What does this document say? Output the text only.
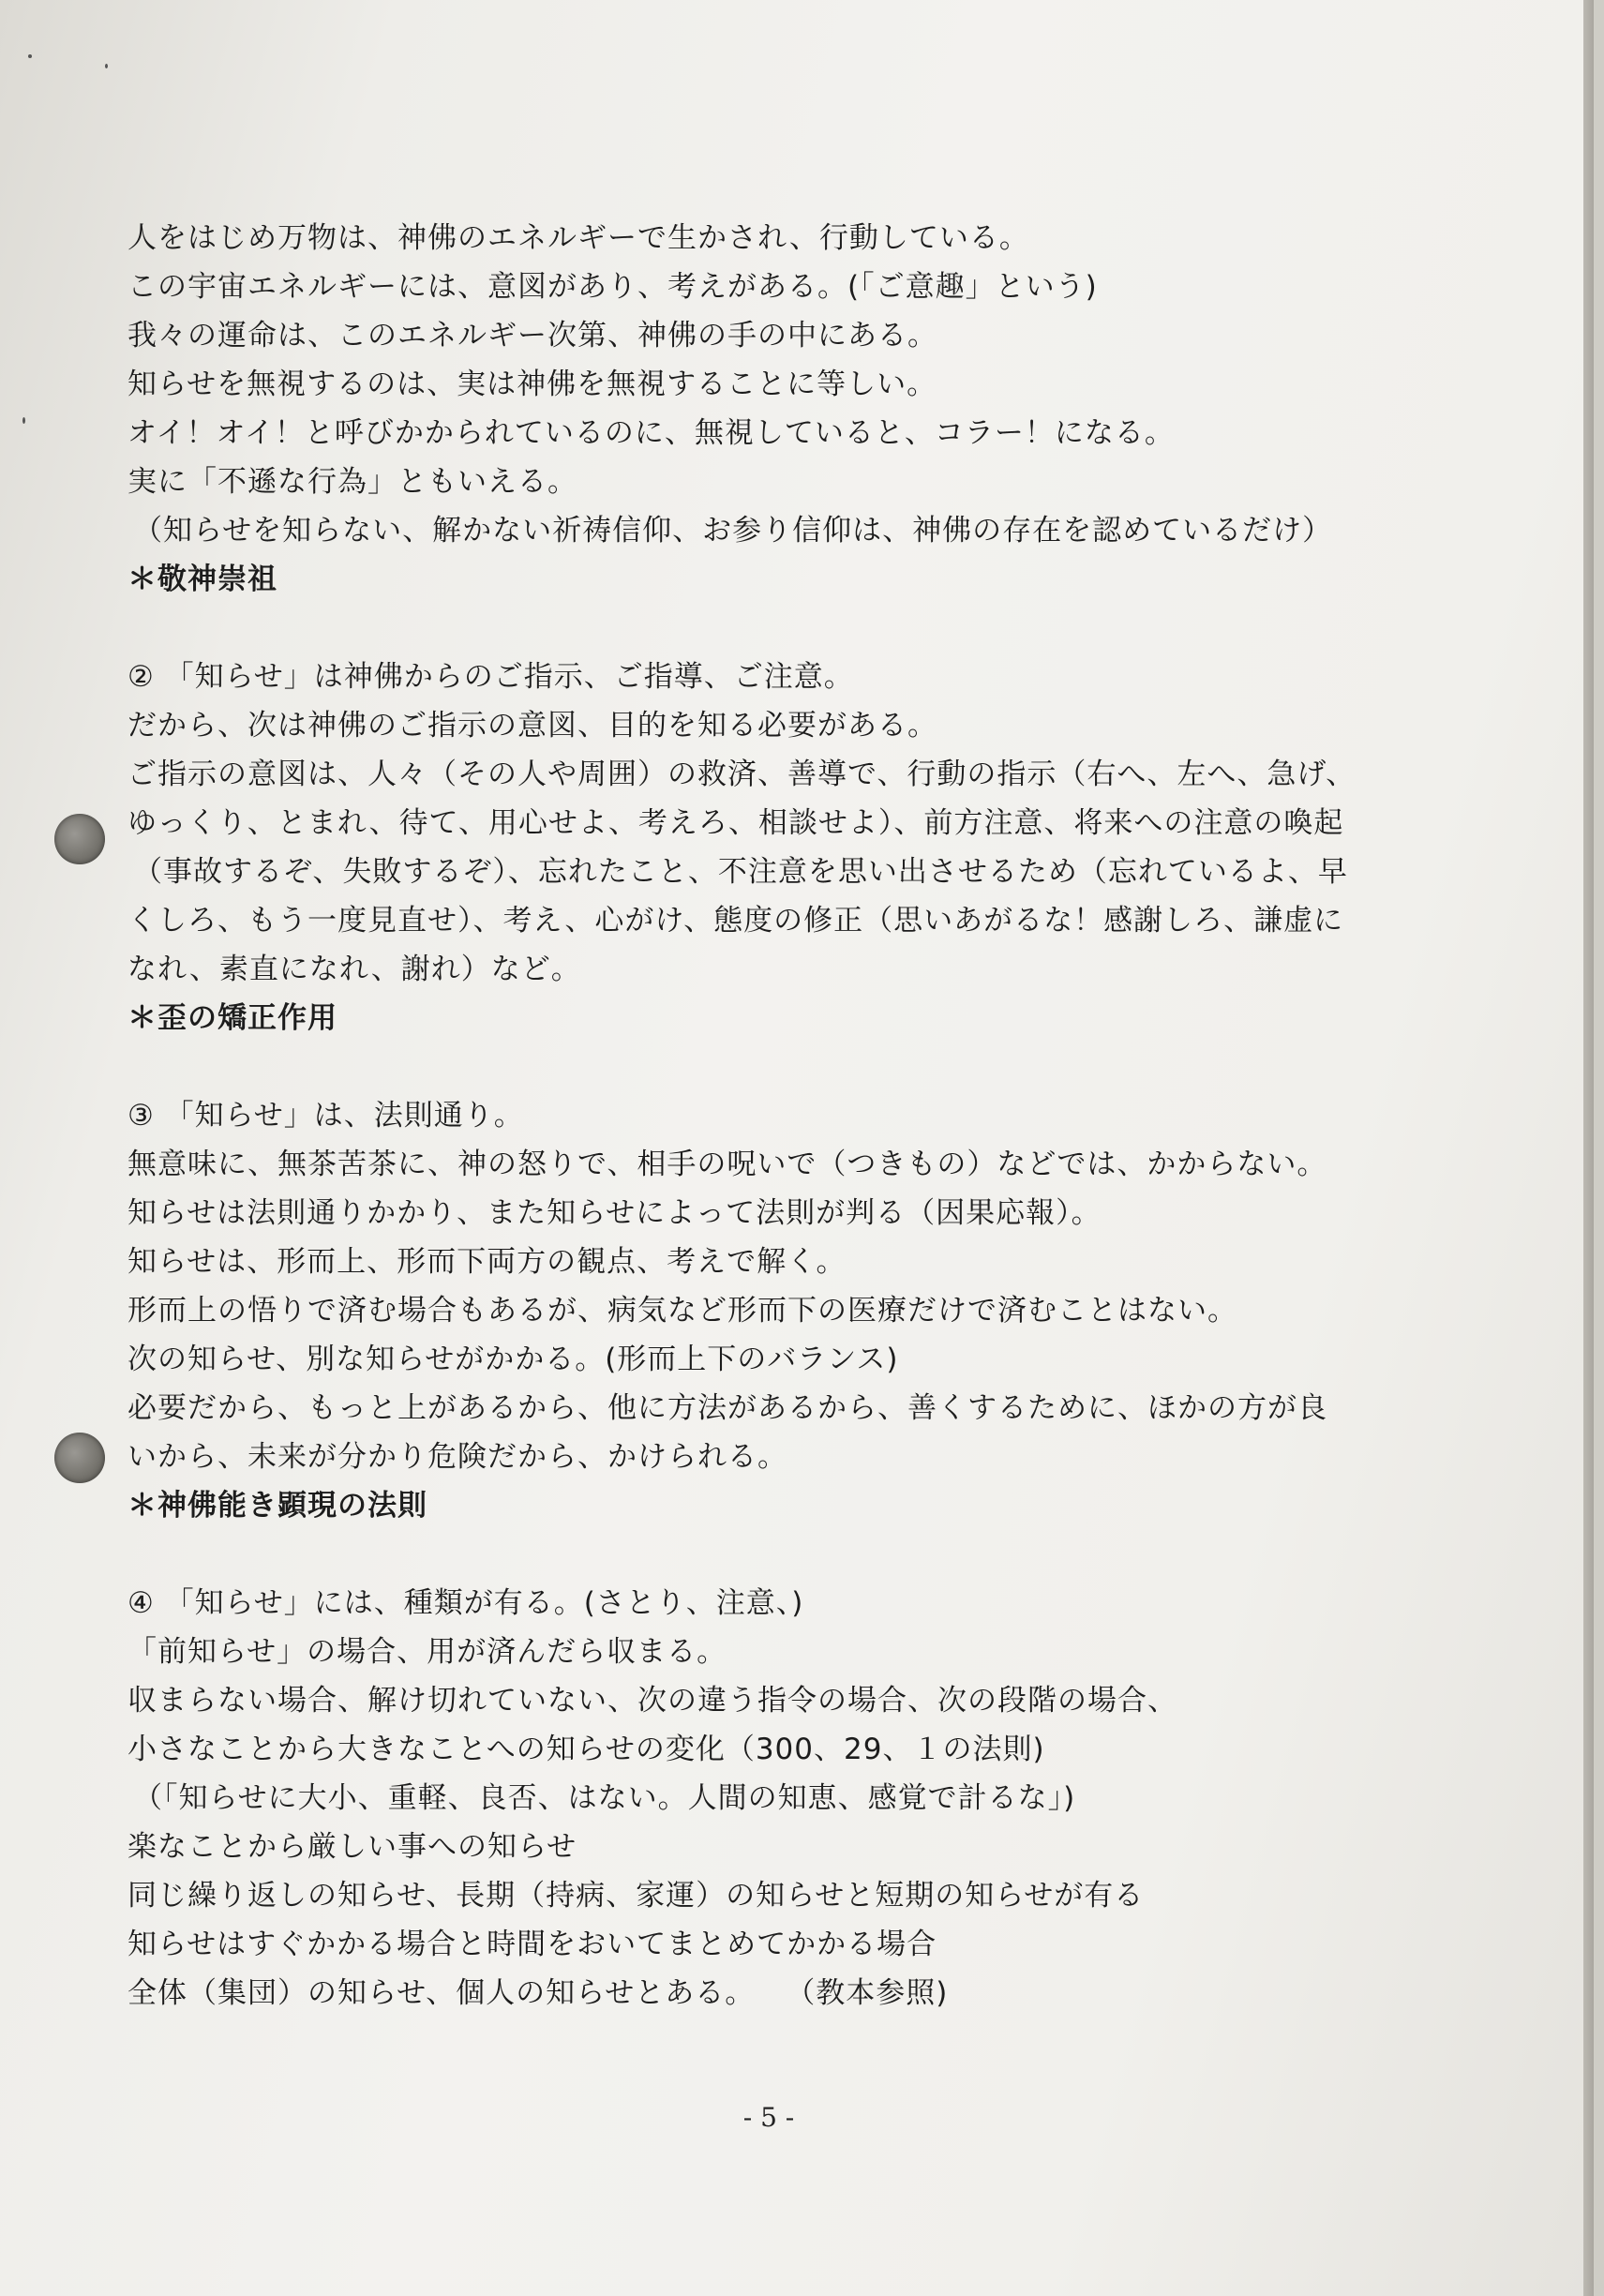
人をはじめ万物は、神佛のエネルギーで生かされ、行動している。
この宇宙エネルギーには、意図があり、考えがある。(「ご意趣」という)
我々の運命は、このエネルギー次第、神佛の手の中にある。
知らせを無視するのは、実は神佛を無視することに等しい。
オイ！オイ！と呼びかかられているのに、無視していると、コラー！になる。
実に「不遜な行為」ともいえる。
（知らせを知らない、解かない祈祷信仰、お参り信仰は、神佛の存在を認めているだけ）
＊敬神崇祖
② 「知らせ」は神佛からのご指示、ご指導、ご注意。
だから、次は神佛のご指示の意図、目的を知る必要がある。
ご指示の意図は、人々（その人や周囲）の救済、善導で、行動の指示（右へ、左へ、急げ、
ゆっくり、とまれ、待て、用心せよ、考えろ、相談せよ）、前方注意、将来への注意の喚起
（事故するぞ、失敗するぞ）、忘れたこと、不注意を思い出させるため（忘れているよ、早
くしろ、もう一度見直せ）、考え、心がけ、態度の修正（思いあがるな！感謝しろ、謙虚に
なれ、素直になれ、謝れ）など。
＊歪の矯正作用
③ 「知らせ」は、法則通り。
無意味に、無茶苦茶に、神の怒りで、相手の呪いで（つきもの）などでは、かからない。
知らせは法則通りかかり、また知らせによって法則が判る（因果応報）。
知らせは、形而上、形而下両方の観点、考えで解く。
形而上の悟りで済む場合もあるが、病気など形而下の医療だけで済むことはない。
次の知らせ、別な知らせがかかる。(形而上下のバランス)
必要だから、もっと上があるから、他に方法があるから、善くするために、ほかの方が良
いから、未来が分かり危険だから、かけられる。
＊神佛能き顕現の法則
④ 「知らせ」には、種類が有る。(さとり、注意、)
「前知らせ」の場合、用が済んだら収まる。
収まらない場合、解け切れていない、次の違う指令の場合、次の段階の場合、
小さなことから大きなことへの知らせの変化（300、29、１の法則)
（「知らせに大小、重軽、良否、はない。人間の知恵、感覚で計るな」)
楽なことから厳しい事への知らせ
同じ繰り返しの知らせ、長期（持病、家運）の知らせと短期の知らせが有る
知らせはすぐかかる場合と時間をおいてまとめてかかる場合
全体（集団）の知らせ、個人の知らせとある。　　（教本参照)
- 5 -
